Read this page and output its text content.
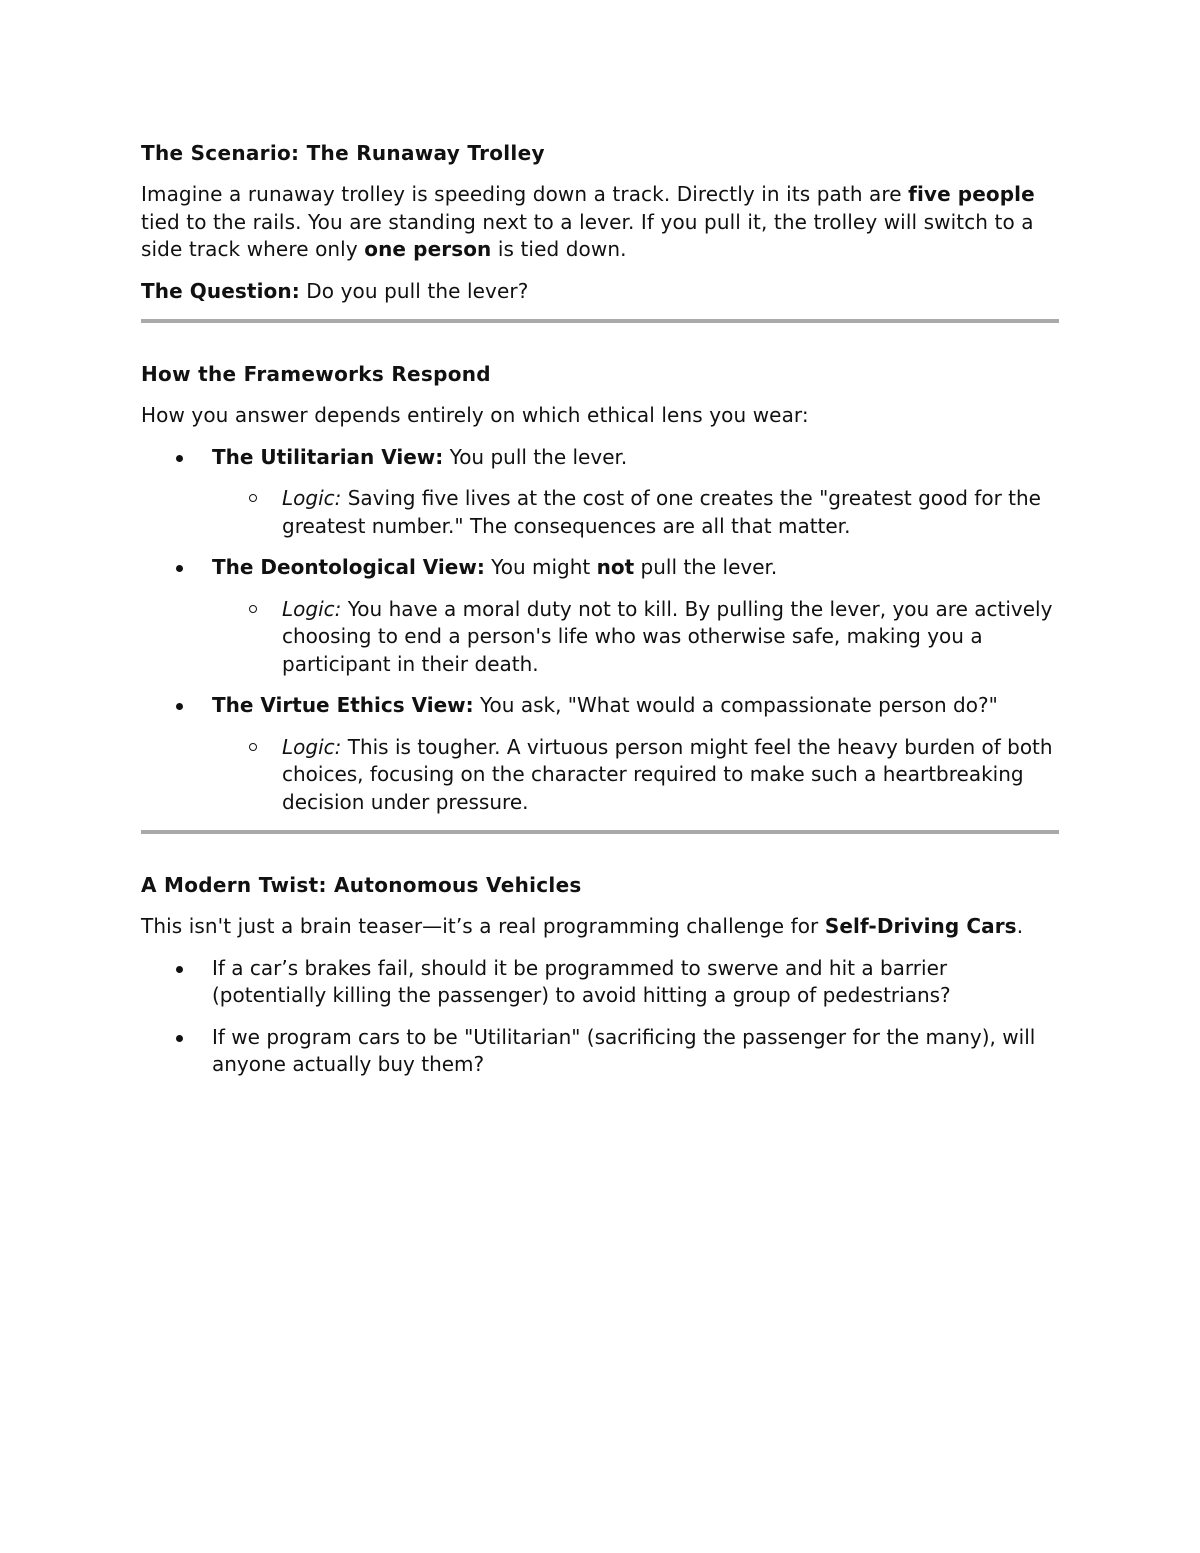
The Scenario: The Runaway Trolley

Imagine a runaway trolley is speeding down a track. Directly in its path are five people tied to the rails. You are standing next to a lever. If you pull it, the trolley will switch to a side track where only one person is tied down.

The Question: Do you pull the lever?

How the Frameworks Respond

How you answer depends entirely on which ethical lens you wear:

The Utilitarian View: You pull the lever.
Logic: Saving five lives at the cost of one creates the "greatest good for the greatest number." The consequences are all that matter.
The Deontological View: You might not pull the lever.
Logic: You have a moral duty not to kill. By pulling the lever, you are actively choosing to end a person's life who was otherwise safe, making you a participant in their death.
The Virtue Ethics View: You ask, "What would a compassionate person do?"
Logic: This is tougher. A virtuous person might feel the heavy burden of both choices, focusing on the character required to make such a heartbreaking decision under pressure.
A Modern Twist: Autonomous Vehicles

This isn't just a brain teaser—it’s a real programming challenge for Self-Driving Cars.

If a car’s brakes fail, should it be programmed to swerve and hit a barrier (potentially killing the passenger) to avoid hitting a group of pedestrians?
If we program cars to be "Utilitarian" (sacrificing the passenger for the many), will anyone actually buy them?
